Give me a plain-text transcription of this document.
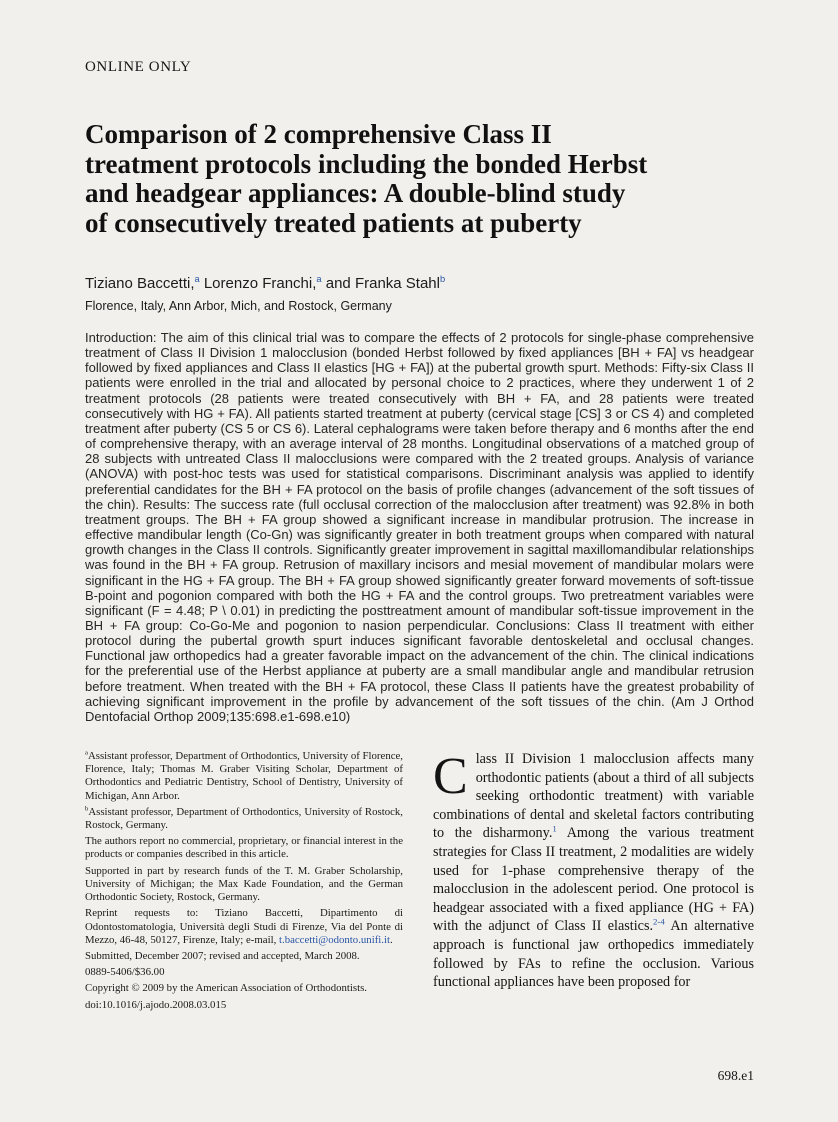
ONLINE ONLY
Comparison of 2 comprehensive Class II
treatment protocols including the bonded Herbst
and headgear appliances: A double-blind study
of consecutively treated patients at puberty
Tiziano Baccetti,$^a$ Lorenzo Franchi,$^a$ and Franka Stahl$^b$
Florence, Italy, Ann Arbor, Mich, and Rostock, Germany

Introduction: The aim of this clinical trial was to compare the effects of 2 protocols for single-phase comprehensive treatment of Class II Division 1 malocclusion (bonded Herbst followed by fixed appliances [BH + FA] vs headgear followed by fixed appliances and Class II elastics [HG + FA]) at the pubertal growth spurt. Methods: Fifty-six Class II patients were enrolled in the trial and allocated by personal choice to 2 practices, where they underwent 1 of 2 treatment protocols (28 patients were treated consecutively with BH + FA, and 28 patients were treated consecutively with HG + FA). All patients started treatment at puberty (cervical stage [CS] 3 or CS 4) and completed treatment after puberty (CS 5 or CS 6). Lateral cephalograms were taken before therapy and 6 months after the end of comprehensive therapy, with an average interval of 28 months. Longitudinal observations of a matched group of 28 subjects with untreated Class II malocclusions were compared with the 2 treated groups. Analysis of variance (ANOVA) with post-hoc tests was used for statistical comparisons. Discriminant analysis was applied to identify preferential candidates for the BH + FA protocol on the basis of profile changes (advancement of the soft tissues of the chin). Results: The success rate (full occlusal correction of the malocclusion after treatment) was 92.8% in both treatment groups. The BH + FA group showed a significant increase in mandibular protrusion. The increase in effective mandibular length (Co-Gn) was significantly greater in both treatment groups when compared with natural growth changes in the Class II controls. Significantly greater improvement in sagittal maxillomandibular relationships was found in the BH + FA group. Retrusion of maxillary incisors and mesial movement of mandibular molars were significant in the HG + FA group. The BH + FA group showed significantly greater forward movements of soft-tissue B-point and pogonion compared with both the HG + FA and the control groups. Two pretreatment variables were significant (F = 4.48; P \ 0.01) in predicting the posttreatment amount of mandibular soft-tissue improvement in the BH + FA group: Co-Go-Me and pogonion to nasion perpendicular. Conclusions: Class II treatment with either protocol during the pubertal growth spurt induces significant favorable dentoskeletal and occlusal changes. Functional jaw orthopedics had a greater favorable impact on the advancement of the chin. The clinical indications for the preferential use of the Herbst appliance at puberty are a small mandibular angle and mandibular retrusion before treatment. When treated with the BH + FA protocol, these Class II patients have the greatest probability of achieving significant improvement in the profile by advancement of the soft tissues of the chin. (Am J Orthod Dentofacial Orthop 2009;135:698.e1-698.e10)

$^a$Assistant professor, Department of Orthodontics, University of Florence, Florence, Italy; Thomas M. Graber Visiting Scholar, Department of Orthodontics and Pediatric Dentistry, School of Dentistry, University of Michigan, Ann Arbor.

$^b$Assistant professor, Department of Orthodontics, University of Rostock, Rostock, Germany.

The authors report no commercial, proprietary, or financial interest in the products or companies described in this article.

Supported in part by research funds of the T. M. Graber Scholarship, University of Michigan; the Max Kade Foundation, and the German Orthodontic Society, Rostock, Germany.

Reprint requests to: Tiziano Baccetti, Dipartimento di Odontostomatologia, Università degli Studi di Firenze, Via del Ponte di Mezzo, 46-48, 50127, Firenze, Italy; e-mail, t.baccetti@odonto.unifi.it.

Submitted, December 2007; revised and accepted, March 2008.

0889-5406/$36.00

Copyright © 2009 by the American Association of Orthodontists.

doi:10.1016/j.ajodo.2008.03.015

Class II Division 1 malocclusion affects many orthodontic patients (about a third of all subjects seeking orthodontic treatment) with variable combinations of dental and skeletal factors contributing to the disharmony.$^1$ Among the various treatment strategies for Class II treatment, 2 modalities are widely used for 1-phase comprehensive therapy of the malocclusion in the adolescent period. One protocol is headgear associated with a fixed appliance (HG + FA) with the adjunct of Class II elastics.$^{2-4}$ An alternative approach is functional jaw orthopedics immediately followed by FAs to refine the occlusion. Various functional appliances have been proposed for

698.e1
